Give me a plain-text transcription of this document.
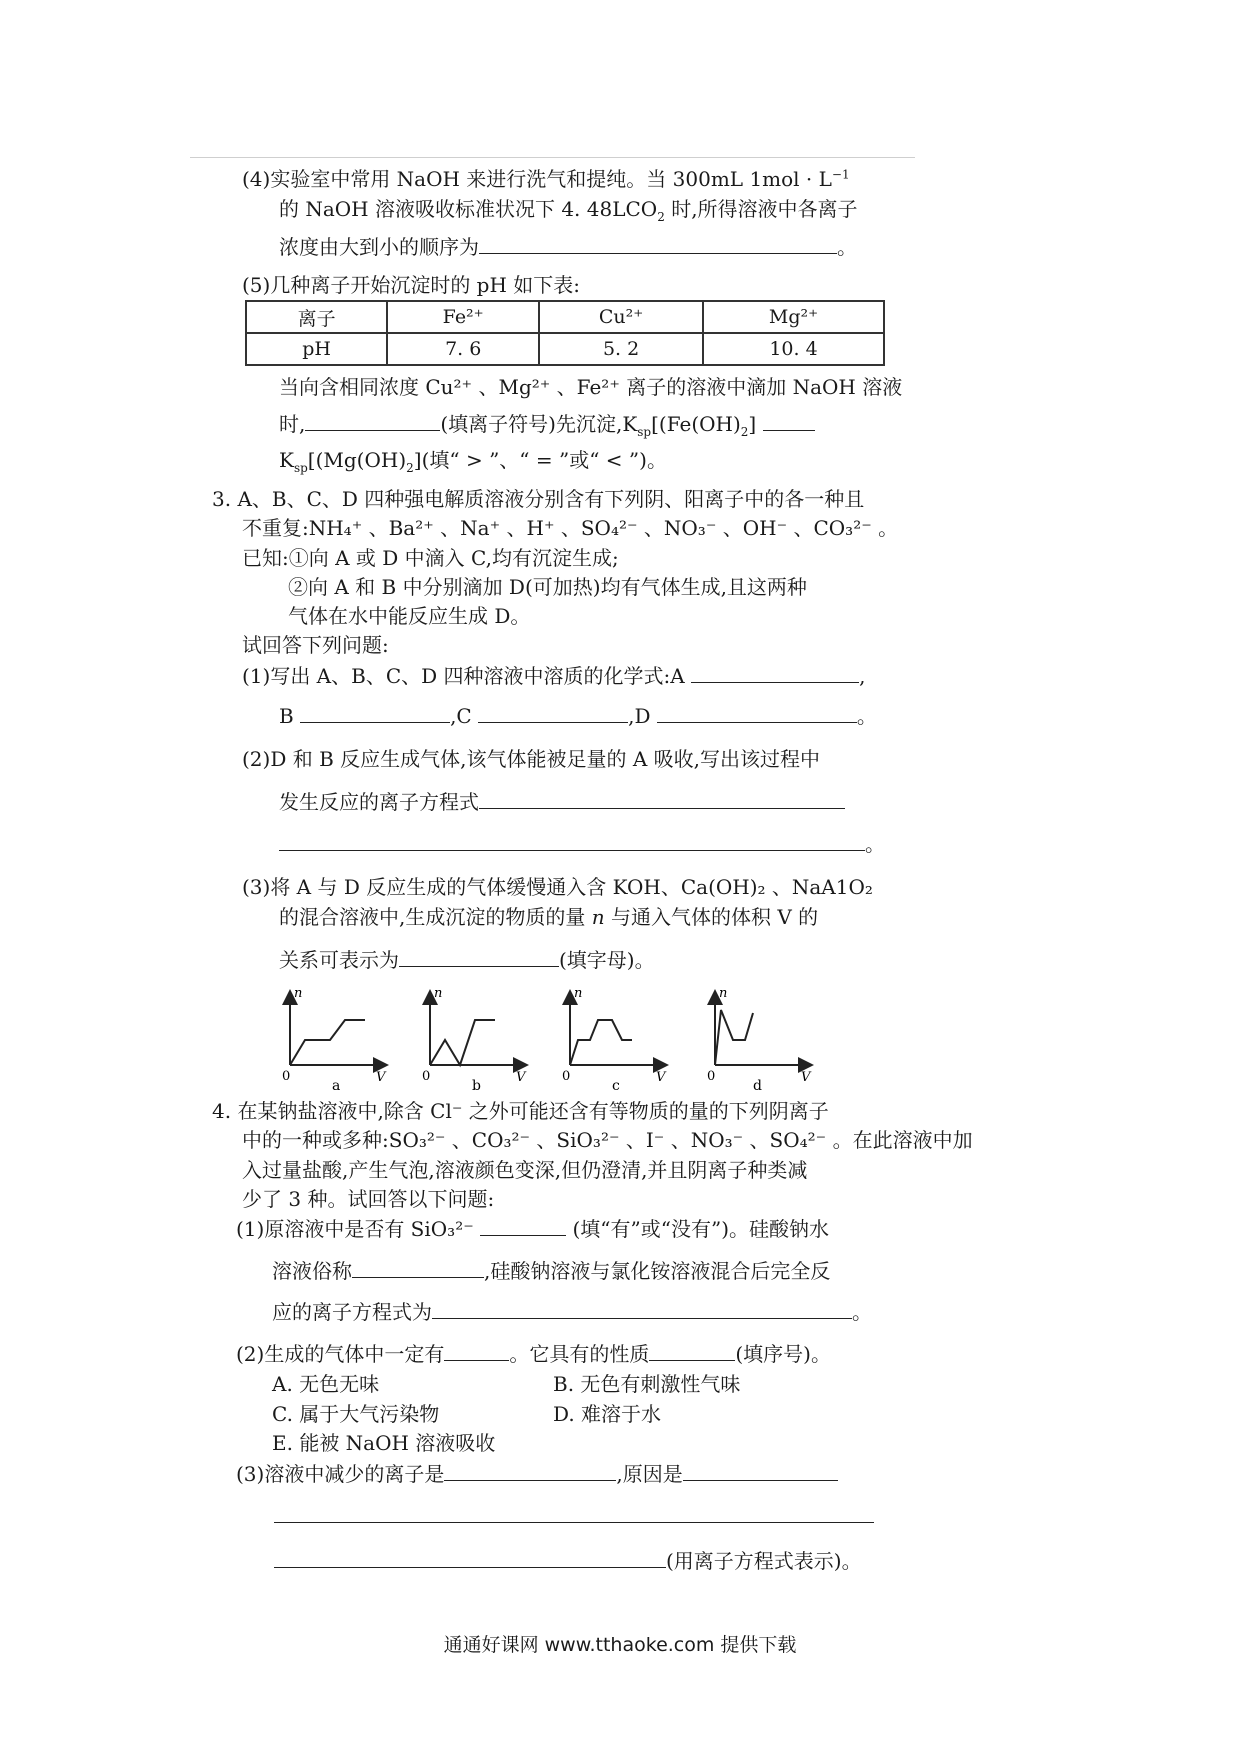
(4)实验室中常用 NaOH 来进行洗气和提纯。当 300mL $1mol \cdot L^{-1}$
的 NaOH 溶液吸收标准状况下 4. $48LCO_2$ 时,所得溶液中各离子
浓度由大到小的顺序为	。
(5)几种离子开始沉淀时的 pH 如下表:
离子	Fe²⁺	Cu²⁺	Mg²⁺
pH	7. 6	5. 2	10. 4
当向含相同浓度 Cu²⁺ 、Mg²⁺ 、Fe²⁺ 离子的溶液中滴加 NaOH 溶液
时,	(填离子符号)先沉淀$,K_{sp}[(Fe(OH)_2]$
$K_{sp}[(Mg(OH)_2]$(填“ > ”、“ = ”或“ < ”)。
3. A、B、C、D 四种强电解质溶液分别含有下列阴、阳离子中的各一种且
不重复:NH₄⁺ 、Ba²⁺ 、Na⁺ 、H⁺ 、SO₄²⁻ 、NO₃⁻ 、OH⁻ 、CO₃²⁻ 。
已知:①向 A 或 D 中滴入 C,均有沉淀生成;
②向 A 和 B 中分别滴加 D(可加热)均有气体生成,且这两种
气体在水中能反应生成 D。
试回答下列问题:
(1)写出 A、B、C、D 四种溶液中溶质的化学式:A	,
B	,C	,D	。
(2)D 和 B 反应生成气体,该气体能被足量的 A 吸收,写出该过程中
发生反应的离子方程式
。
(3)将 A 与 D 反应生成的气体缓慢通入含 KOH、Ca(OH)₂ 、NaA1O₂
的混合溶液中,生成沉淀的物质的量 n 与通入气体的体积 V 的
关系可表示为	(填字母)。
n
V
0
a
n
V
0
b
n
V
0
c
n
V
0
d
4. 在某钠盐溶液中,除含 Cl⁻ 之外可能还含有等物质的量的下列阴离子
中的一种或多种:SO₃²⁻ 、CO₃²⁻ 、SiO₃²⁻ 、I⁻ 、NO₃⁻ 、SO₄²⁻ 。在此溶液中加
入过量盐酸,产生气泡,溶液颜色变深,但仍澄清,并且阴离子种类减
少了 3 种。试回答以下问题:
(1)原溶液中是否有 SiO₃²⁻	(填“有”或“没有”)。硅酸钠水
溶液俗称	,硅酸钠溶液与氯化铵溶液混合后完全反
应的离子方程式为	。
(2)生成的气体中一定有	。它具有的性质	(填序号)。
A. 无色无味	B. 无色有刺激性气味
C. 属于大气污染物	D. 难溶于水
E. 能被 NaOH 溶液吸收
(3)溶液中减少的离子是	,原因是
(用离子方程式表示)。
通通好课网 www.tthaoke.com 提供下载
